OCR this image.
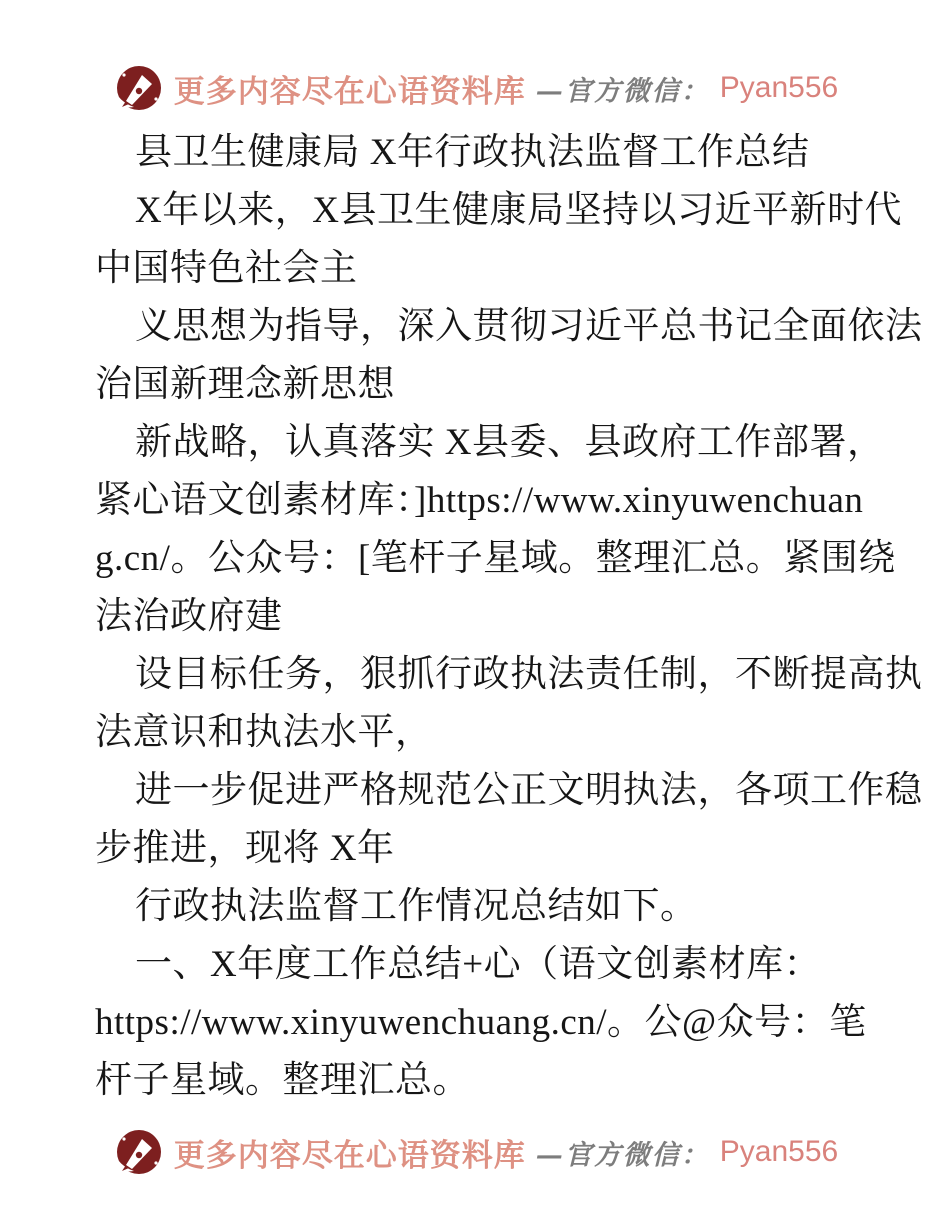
更多内容尽在心语资料库 —官方微信： Pyan556
县卫生健康局 X年行政执法监督工作总结
X年以来，X县卫生健康局坚持以习近平新时代
中国特色社会主
义思想为指导，深入贯彻习近平总书记全面依法
治国新理念新思想
新战略，认真落实 X县委、县政府工作部署，
紧心语文创素材库：]https://www.xinyuwenchuan
g.cn/。公众号：[笔杆子星域。整理汇总。紧围绕
法治政府建
设目标任务，狠抓行政执法责任制，不断提高执
法意识和执法水平，
进一步促进严格规范公正文明执法，各项工作稳
步推进，现将 X年
行政执法监督工作情况总结如下。
一、X年度工作总结+心（语文创素材库：
https://www.xinyuwenchuang.cn/。公@众号：笔
杆子星域。整理汇总。
更多内容尽在心语资料库 —官方微信： Pyan556
